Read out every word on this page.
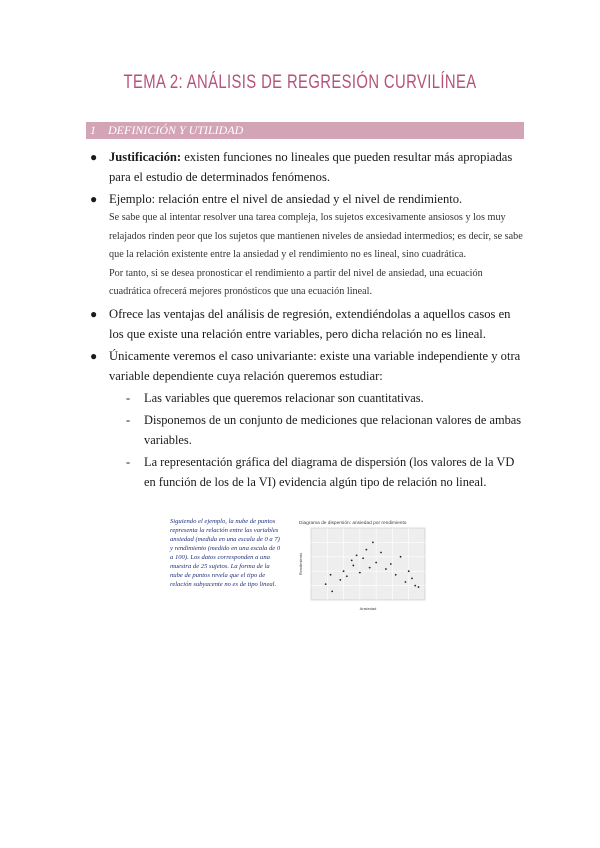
TEMA 2: ANÁLISIS DE REGRESIÓN CURVILÍNEA
1 DEFINICIÓN Y UTILIDAD
● Justificación: existen funciones no lineales que pueden resultar más apropiadas para el estudio de determinados fenómenos.
● Ejemplo: relación entre el nivel de ansiedad y el nivel de rendimiento.
Se sabe que al intentar resolver una tarea compleja, los sujetos excesivamente ansiosos y los muy relajados rinden peor que los sujetos que mantienen niveles de ansiedad intermedios; es decir, se sabe que la relación existente entre la ansiedad y el rendimiento no es lineal, sino cuadrática.
Por tanto, si se desea pronosticar el rendimiento a partir del nivel de ansiedad, una ecuación cuadrática ofrecerá mejores pronósticos que una ecuación lineal.
● Ofrece las ventajas del análisis de regresión, extendiéndolas a aquellos casos en los que existe una relación entre variables, pero dicha relación no es lineal.
● Únicamente veremos el caso univariante: existe una variable independiente y otra variable dependiente cuya relación queremos estudiar:
- Las variables que queremos relacionar son cuantitativas.
- Disponemos de un conjunto de mediciones que relacionan valores de ambas variables.
- La representación gráfica del diagrama de dispersión (los valores de la VD en función de los de la VI) evidencia algún tipo de relación no lineal.
Siguiendo el ejemplo, la nube de puntos representa la relación entre las variables ansiedad (medida en una escala de 0 a 7) y rendimiento (medido en una escala de 0 a 100). Los datos corresponden a una muestra de 25 sujetos. La forma de la nube de puntos revela que el tipo de relación subyacente no es de tipo lineal.
Diagrama de dispersión: ansiedad por rendimiento
Ansiedad
Rendimiento
